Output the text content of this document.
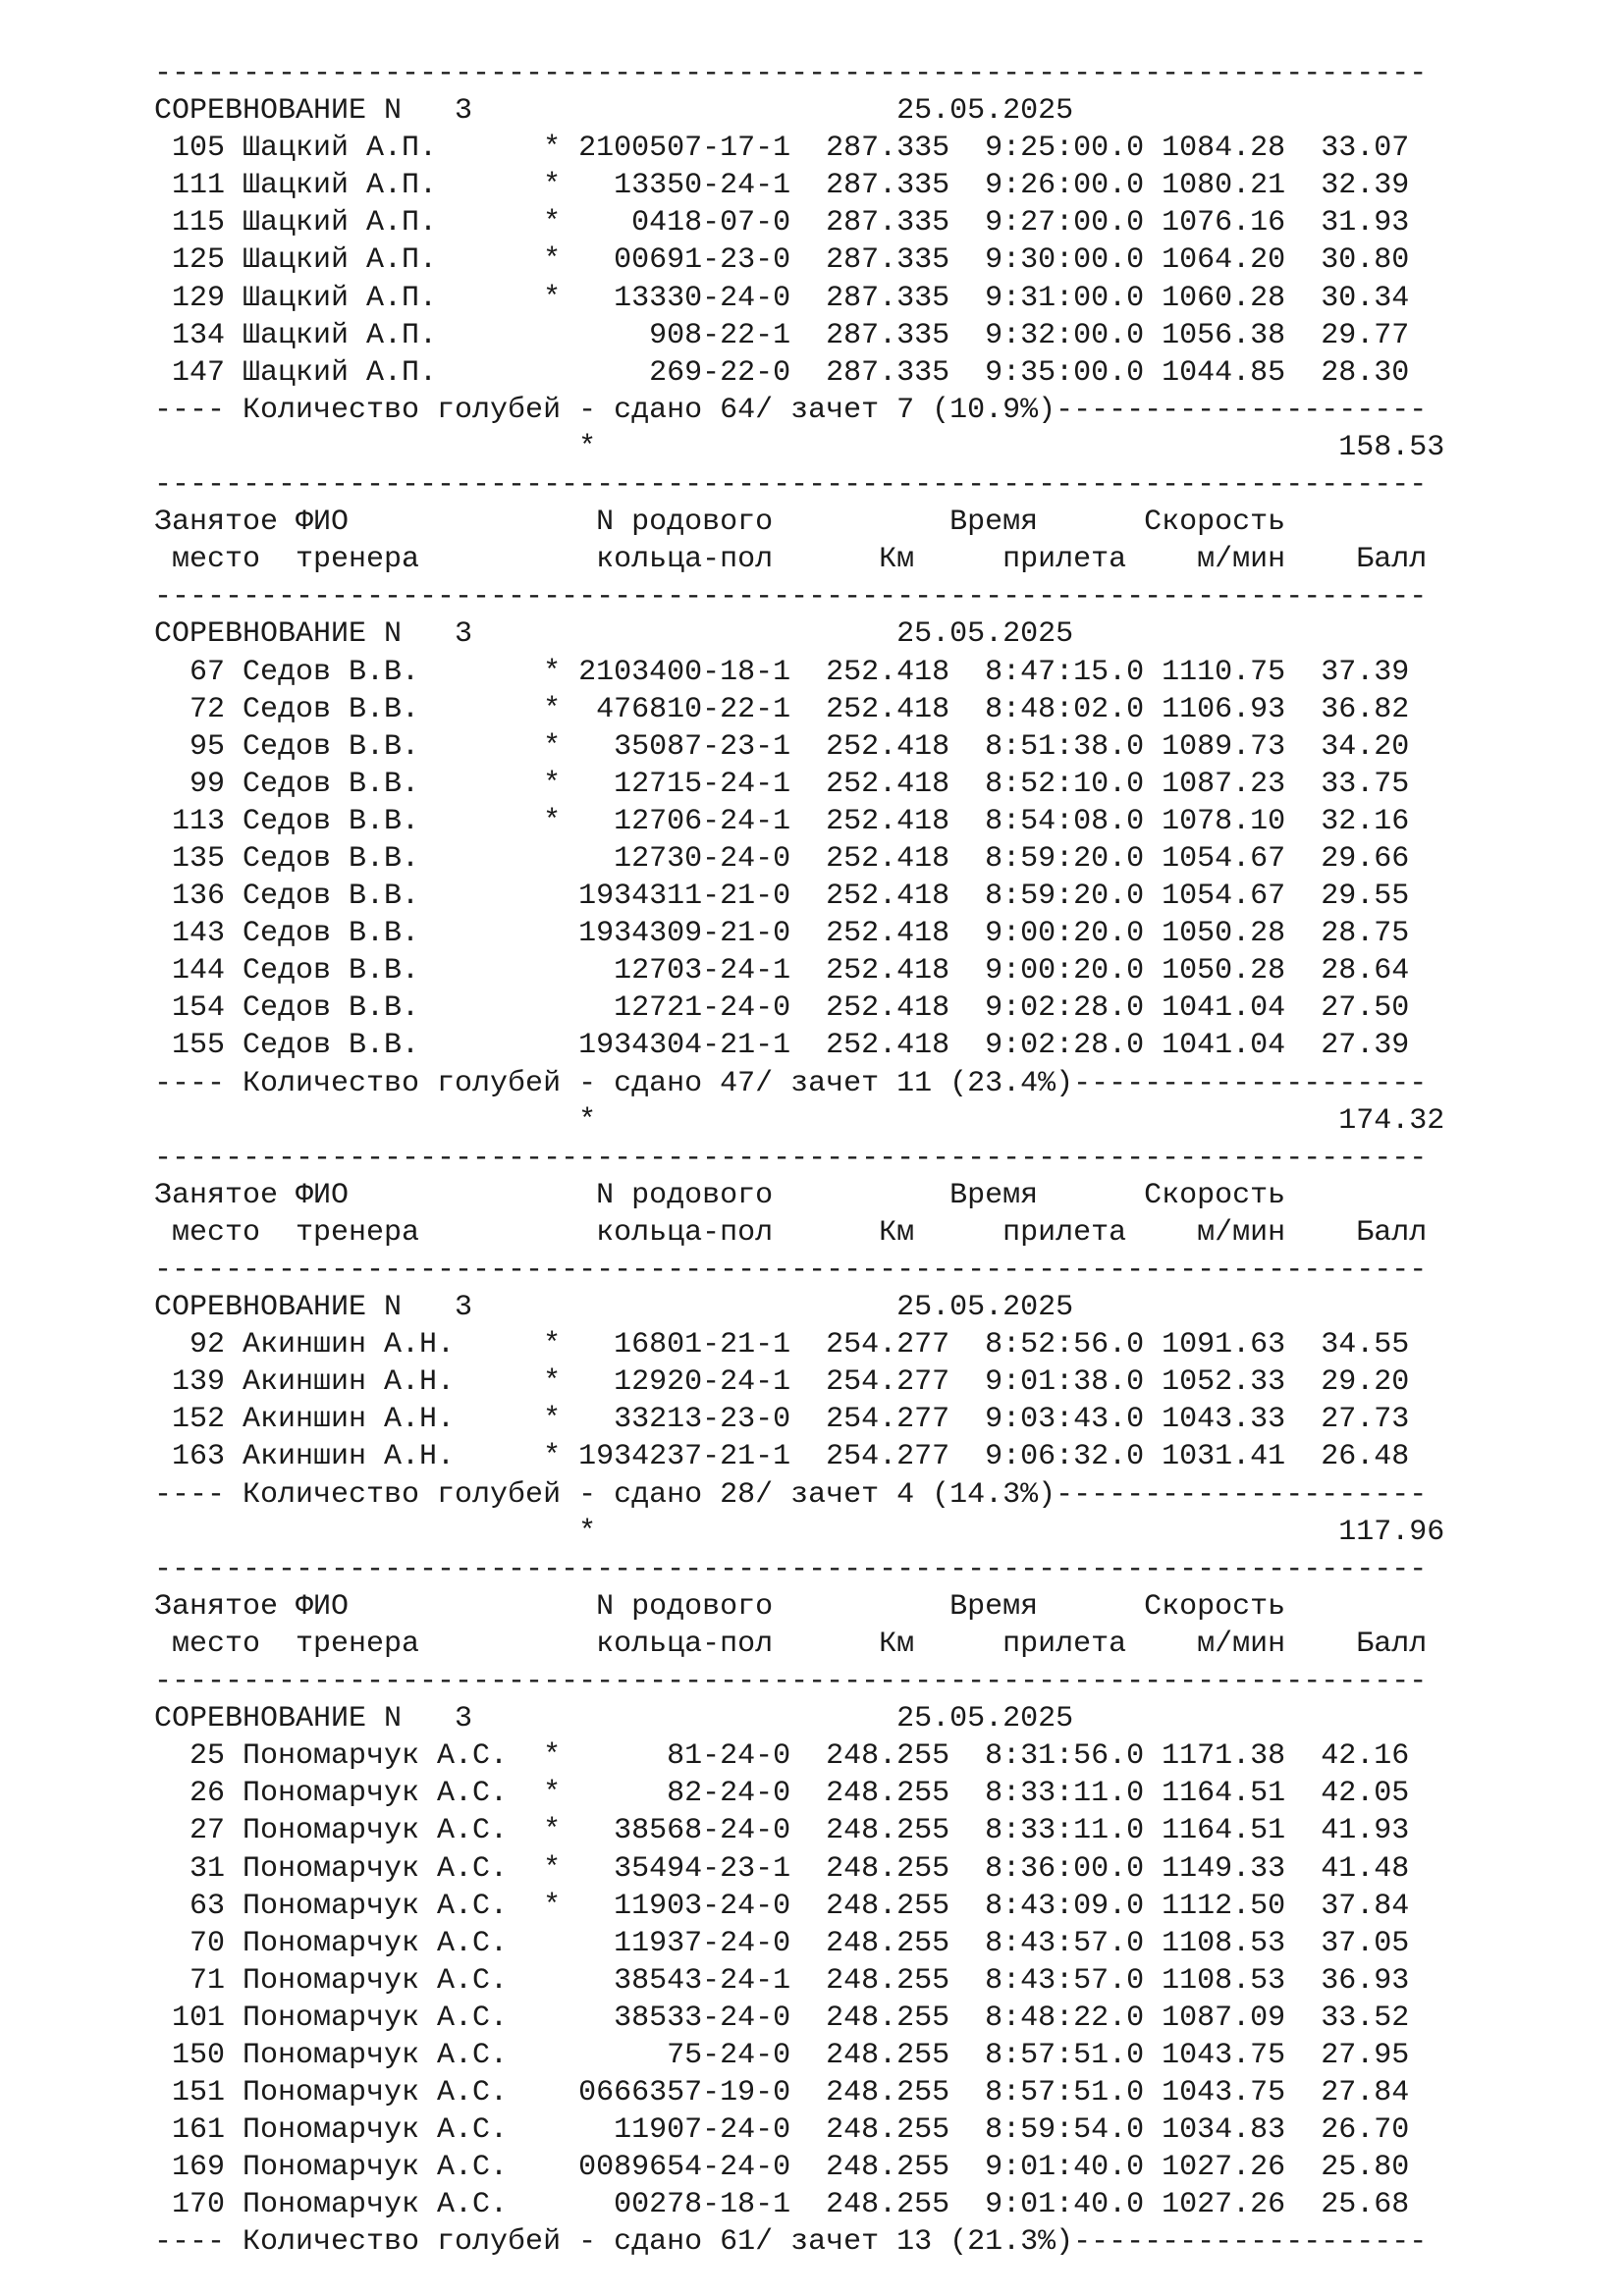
------------------------------------------------------------------------
СОРЕВНОВАНИЕ N   3                        25.05.2025
105 Шацкий А.П.      * 2100507-17-1  287.335  9:25:00.0 1084.28  33.07
111 Шацкий А.П.      *   13350-24-1  287.335  9:26:00.0 1080.21  32.39
115 Шацкий А.П.      *    0418-07-0  287.335  9:27:00.0 1076.16  31.93
125 Шацкий А.П.      *   00691-23-0  287.335  9:30:00.0 1064.20  30.80
129 Шацкий А.П.      *   13330-24-0  287.335  9:31:00.0 1060.28  30.34
134 Шацкий А.П.            908-22-1  287.335  9:32:00.0 1056.38  29.77
147 Шацкий А.П.            269-22-0  287.335  9:35:00.0 1044.85  28.30
---- Количество голубей - сдано 64/ зачет 7 (10.9%)---------------------
*                                          158.53
------------------------------------------------------------------------
Занятое ФИО              N родового          Время      Скорость
место  тренера          кольца-пол      Км     прилета    м/мин    Балл
------------------------------------------------------------------------
СОРЕВНОВАНИЕ N   3                        25.05.2025
67 Седов В.В.       * 2103400-18-1  252.418  8:47:15.0 1110.75  37.39
72 Седов В.В.       *  476810-22-1  252.418  8:48:02.0 1106.93  36.82
95 Седов В.В.       *   35087-23-1  252.418  8:51:38.0 1089.73  34.20
99 Седов В.В.       *   12715-24-1  252.418  8:52:10.0 1087.23  33.75
113 Седов В.В.       *   12706-24-1  252.418  8:54:08.0 1078.10  32.16
135 Седов В.В.           12730-24-0  252.418  8:59:20.0 1054.67  29.66
136 Седов В.В.         1934311-21-0  252.418  8:59:20.0 1054.67  29.55
143 Седов В.В.         1934309-21-0  252.418  9:00:20.0 1050.28  28.75
144 Седов В.В.           12703-24-1  252.418  9:00:20.0 1050.28  28.64
154 Седов В.В.           12721-24-0  252.418  9:02:28.0 1041.04  27.50
155 Седов В.В.         1934304-21-1  252.418  9:02:28.0 1041.04  27.39
---- Количество голубей - сдано 47/ зачет 11 (23.4%)--------------------
*                                          174.32
------------------------------------------------------------------------
Занятое ФИО              N родового          Время      Скорость
место  тренера          кольца-пол      Км     прилета    м/мин    Балл
------------------------------------------------------------------------
СОРЕВНОВАНИЕ N   3                        25.05.2025
92 Акиншин А.Н.     *   16801-21-1  254.277  8:52:56.0 1091.63  34.55
139 Акиншин А.Н.     *   12920-24-1  254.277  9:01:38.0 1052.33  29.20
152 Акиншин А.Н.     *   33213-23-0  254.277  9:03:43.0 1043.33  27.73
163 Акиншин А.Н.     * 1934237-21-1  254.277  9:06:32.0 1031.41  26.48
---- Количество голубей - сдано 28/ зачет 4 (14.3%)---------------------
*                                          117.96
------------------------------------------------------------------------
Занятое ФИО              N родового          Время      Скорость
место  тренера          кольца-пол      Км     прилета    м/мин    Балл
------------------------------------------------------------------------
СОРЕВНОВАНИЕ N   3                        25.05.2025
25 Пономарчук А.С.  *      81-24-0  248.255  8:31:56.0 1171.38  42.16
26 Пономарчук А.С.  *      82-24-0  248.255  8:33:11.0 1164.51  42.05
27 Пономарчук А.С.  *   38568-24-0  248.255  8:33:11.0 1164.51  41.93
31 Пономарчук А.С.  *   35494-23-1  248.255  8:36:00.0 1149.33  41.48
63 Пономарчук А.С.  *   11903-24-0  248.255  8:43:09.0 1112.50  37.84
70 Пономарчук А.С.      11937-24-0  248.255  8:43:57.0 1108.53  37.05
71 Пономарчук А.С.      38543-24-1  248.255  8:43:57.0 1108.53  36.93
101 Пономарчук А.С.      38533-24-0  248.255  8:48:22.0 1087.09  33.52
150 Пономарчук А.С.         75-24-0  248.255  8:57:51.0 1043.75  27.95
151 Пономарчук А.С.    0666357-19-0  248.255  8:57:51.0 1043.75  27.84
161 Пономарчук А.С.      11907-24-0  248.255  8:59:54.0 1034.83  26.70
169 Пономарчук А.С.    0089654-24-0  248.255  9:01:40.0 1027.26  25.80
170 Пономарчук А.С.      00278-18-1  248.255  9:01:40.0 1027.26  25.68
---- Количество голубей - сдано 61/ зачет 13 (21.3%)--------------------
